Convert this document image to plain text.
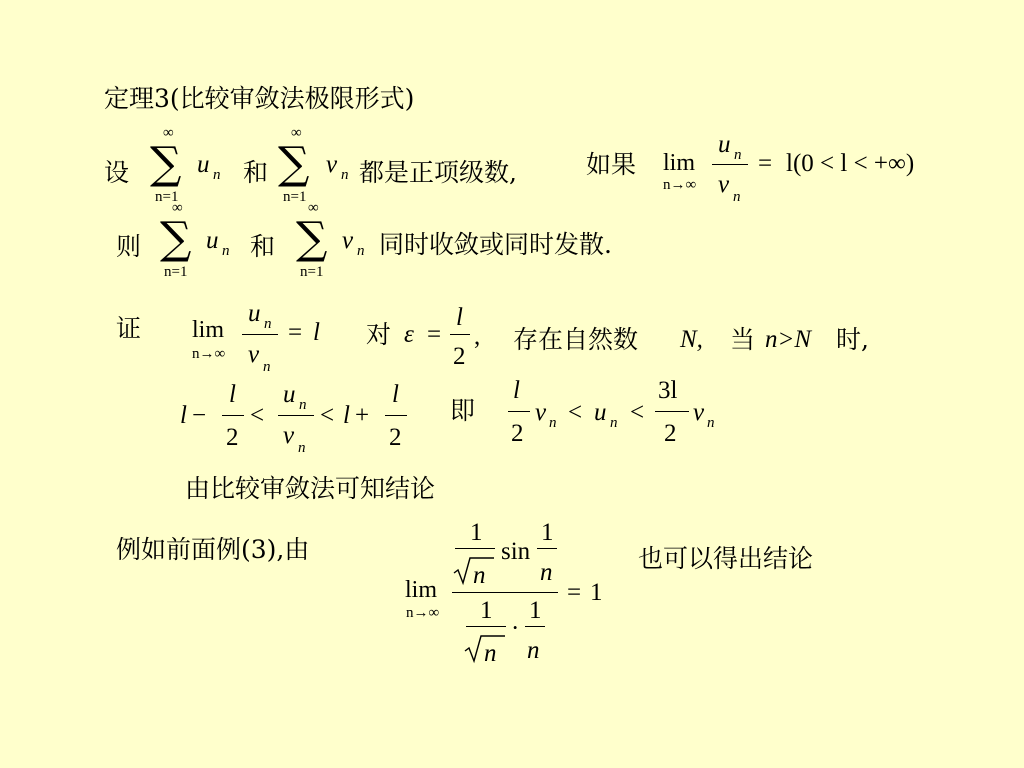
定理3(比较审敛法极限形式)
设
∞
∑ u n
n=1
和
∞
∑ v n
n=1
都是正项级数,	如果 lim
n→∞
u n
v n
= l(0 < l < +∞)
则
∞
∑ u n
n=1
和
∞
∑ v n
n=1
同时收敛或同时发散.
证 lim
n→∞
u n
v n
= l 对 ε =
l
2
, 存在自然数 N, 当 n>N 时,
l −
l
2
<
u n
v n
< l +
l
2
即
l
2
v n < u n <
3l
2
v n
由比较审敛法可知结论
例如前面例(3),由
lim
n→∞
1
n
sin
1
n
1
n
·
1
n
= 1
也可以得出结论
